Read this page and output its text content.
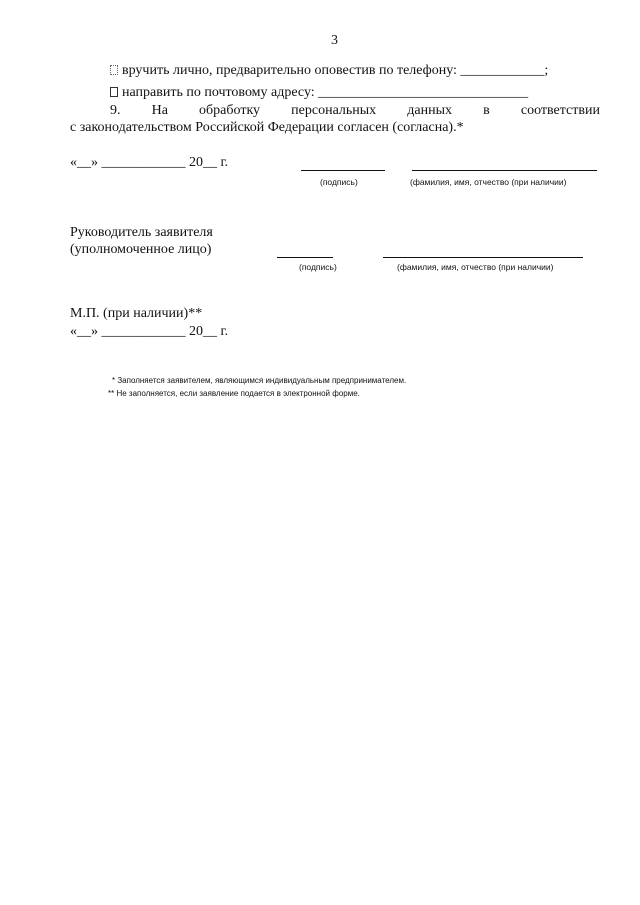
3
вручить лично, предварительно оповестив по телефону: ____________;
направить по почтовому адресу: ______________________________
9. На обработку персональных данных в соответствии
с законодательством Российской Федерации согласен (согласна).*
«__» ____________ 20__ г.
(подпись)	(фамилия, имя, отчество (при наличии)
Руководитель заявителя
(уполномоченное лицо)
(подпись)	(фамилия, имя, отчество (при наличии)
М.П. (при наличии)**
«__» ____________ 20__ г.
* Заполняется заявителем, являющимся индивидуальным предпринимателем.
** Не заполняется, если заявление подается в электронной форме.
